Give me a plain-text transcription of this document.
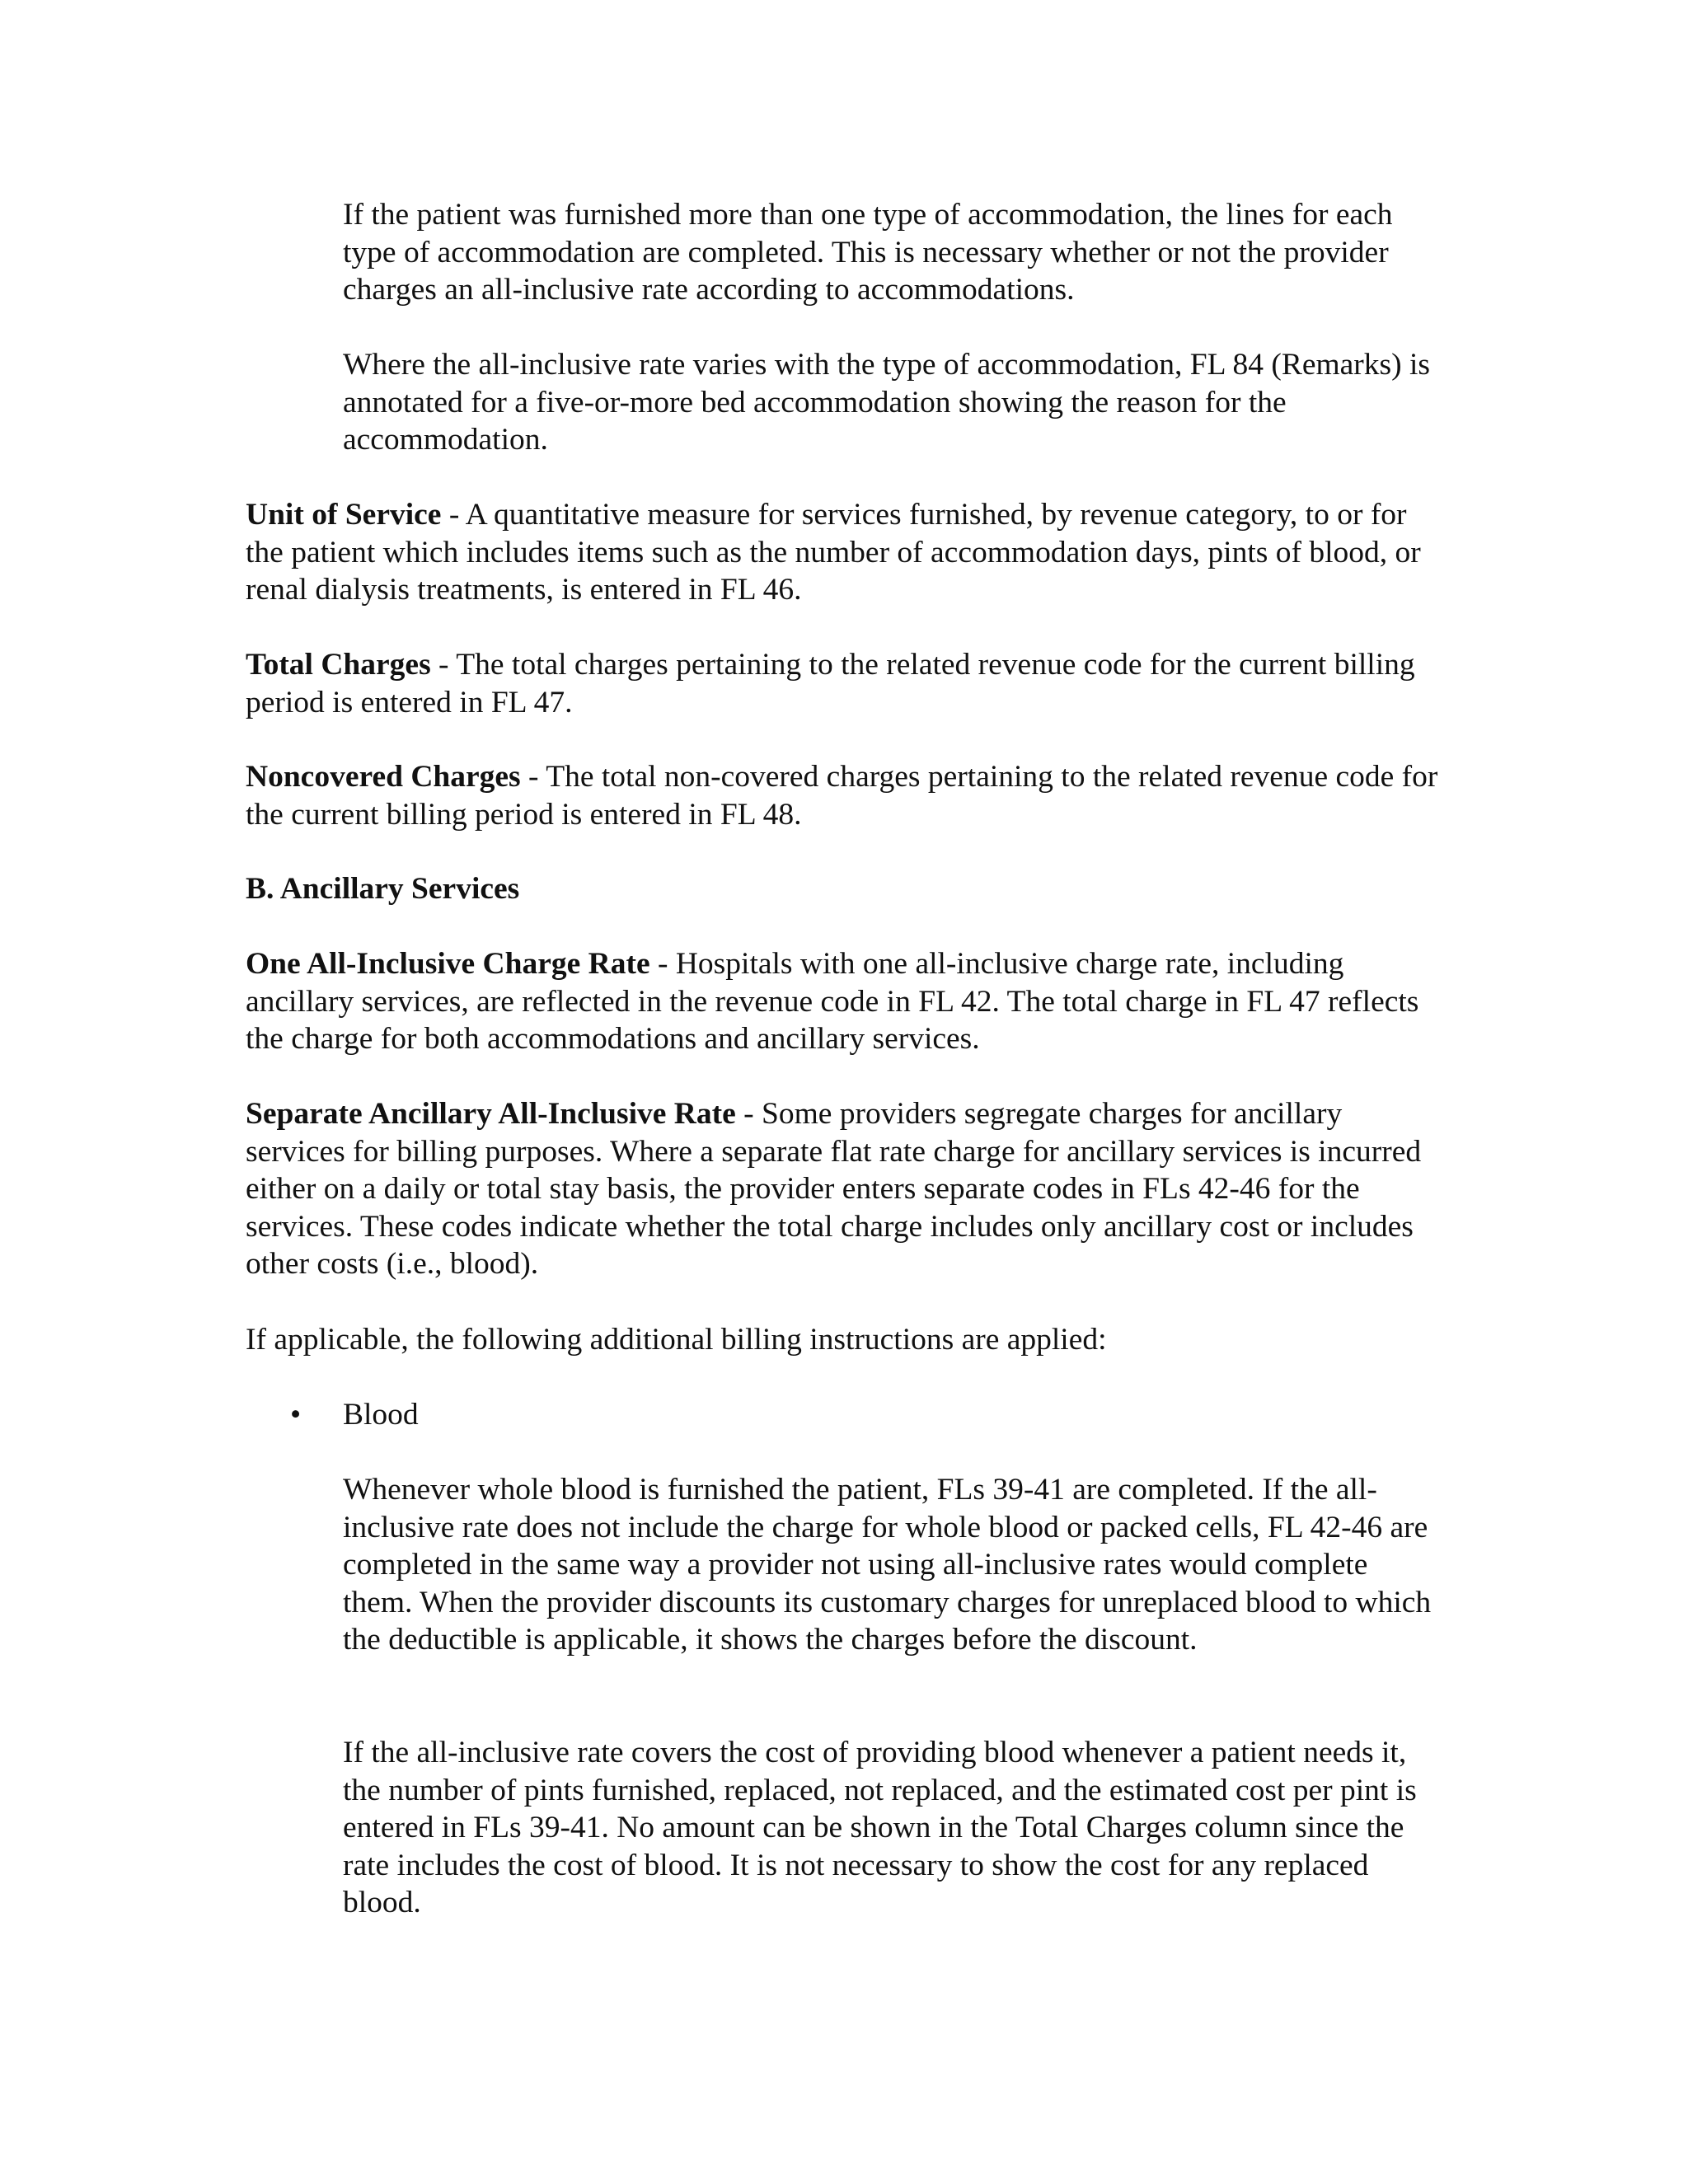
If the patient was furnished more than one type of accommodation, the lines for each type of accommodation are completed. This is necessary whether or not the provider charges an all-inclusive rate according to accommodations.

Where the all-inclusive rate varies with the type of accommodation, FL 84 (Remarks) is annotated for a five-or-more bed accommodation showing the reason for the accommodation.

Unit of Service - A quantitative measure for services furnished, by revenue category, to or for the patient which includes items such as the number of accommodation days, pints of blood, or renal dialysis treatments, is entered in FL 46.

Total Charges - The total charges pertaining to the related revenue code for the current billing period is entered in FL 47.

Noncovered Charges - The total non-covered charges pertaining to the related revenue code for the current billing period is entered in FL 48.

B. Ancillary Services

One All-Inclusive Charge Rate - Hospitals with one all-inclusive charge rate, including ancillary services, are reflected in the revenue code in FL 42. The total charge in FL 47 reflects the charge for both accommodations and ancillary services.

Separate Ancillary All-Inclusive Rate - Some providers segregate charges for ancillary services for billing purposes. Where a separate flat rate charge for ancillary services is incurred either on a daily or total stay basis, the provider enters separate codes in FLs 42-46 for the services. These codes indicate whether the total charge includes only ancillary cost or includes other costs (i.e., blood).

If applicable, the following additional billing instructions are applied:

• Blood

Whenever whole blood is furnished the patient, FLs 39-41 are completed. If the all-inclusive rate does not include the charge for whole blood or packed cells, FL 42-46 are completed in the same way a provider not using all-inclusive rates would complete them. When the provider discounts its customary charges for unreplaced blood to which the deductible is applicable, it shows the charges before the discount.

If the all-inclusive rate covers the cost of providing blood whenever a patient needs it, the number of pints furnished, replaced, not replaced, and the estimated cost per pint is entered in FLs 39-41. No amount can be shown in the Total Charges column since the rate includes the cost of blood. It is not necessary to show the cost for any replaced blood.
